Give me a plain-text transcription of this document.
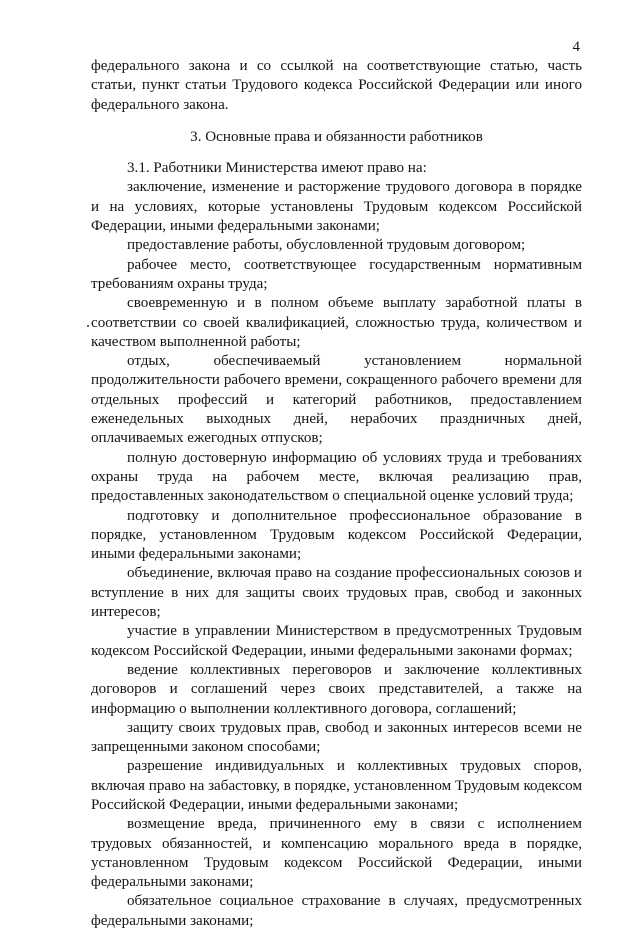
4

федерального закона и со ссылкой на соответствующие статью, часть статьи, пункт статьи Трудового кодекса Российской Федерации или иного федерального закона.

3. Основные права и обязанности работников

3.1. Работники Министерства имеют право на:

заключение, изменение и расторжение трудового договора в порядке и на условиях, которые установлены Трудовым кодексом Российской Федерации, иными федеральными законами;

предоставление работы, обусловленной трудовым договором;

рабочее место, соответствующее государственным нормативным требованиям охраны труда;

своевременную и в полном объеме выплату заработной платы в соответствии со своей квалификацией, сложностью труда, количеством и качеством выполненной работы;

отдых, обеспечиваемый установлением нормальной продолжительности рабочего времени, сокращенного рабочего времени для отдельных профессий и категорий работников, предоставлением еженедельных выходных дней, нерабочих праздничных дней, оплачиваемых ежегодных отпусков;

полную достоверную информацию об условиях труда и требованиях охраны труда на рабочем месте, включая реализацию прав, предоставленных законодательством о специальной оценке условий труда;

подготовку и дополнительное профессиональное образование в порядке, установленном Трудовым кодексом Российской Федерации, иными федеральными законами;

объединение, включая право на создание профессиональных союзов и вступление в них для защиты своих трудовых прав, свобод и законных интересов;

участие в управлении Министерством в предусмотренных Трудовым кодексом Российской Федерации, иными федеральными законами формах;

ведение коллективных переговоров и заключение коллективных договоров и соглашений через своих представителей, а также на информацию о выполнении коллективного договора, соглашений;

защиту своих трудовых прав, свобод и законных интересов всеми не запрещенными законом способами;

разрешение индивидуальных и коллективных трудовых споров, включая право на забастовку, в порядке, установленном Трудовым кодексом Российской Федерации, иными федеральными законами;

возмещение вреда, причиненного ему в связи с исполнением трудовых обязанностей, и компенсацию морального вреда в порядке, установленном Трудовым кодексом Российской Федерации, иными федеральными законами;

обязательное социальное страхование в случаях, предусмотренных федеральными законами;
